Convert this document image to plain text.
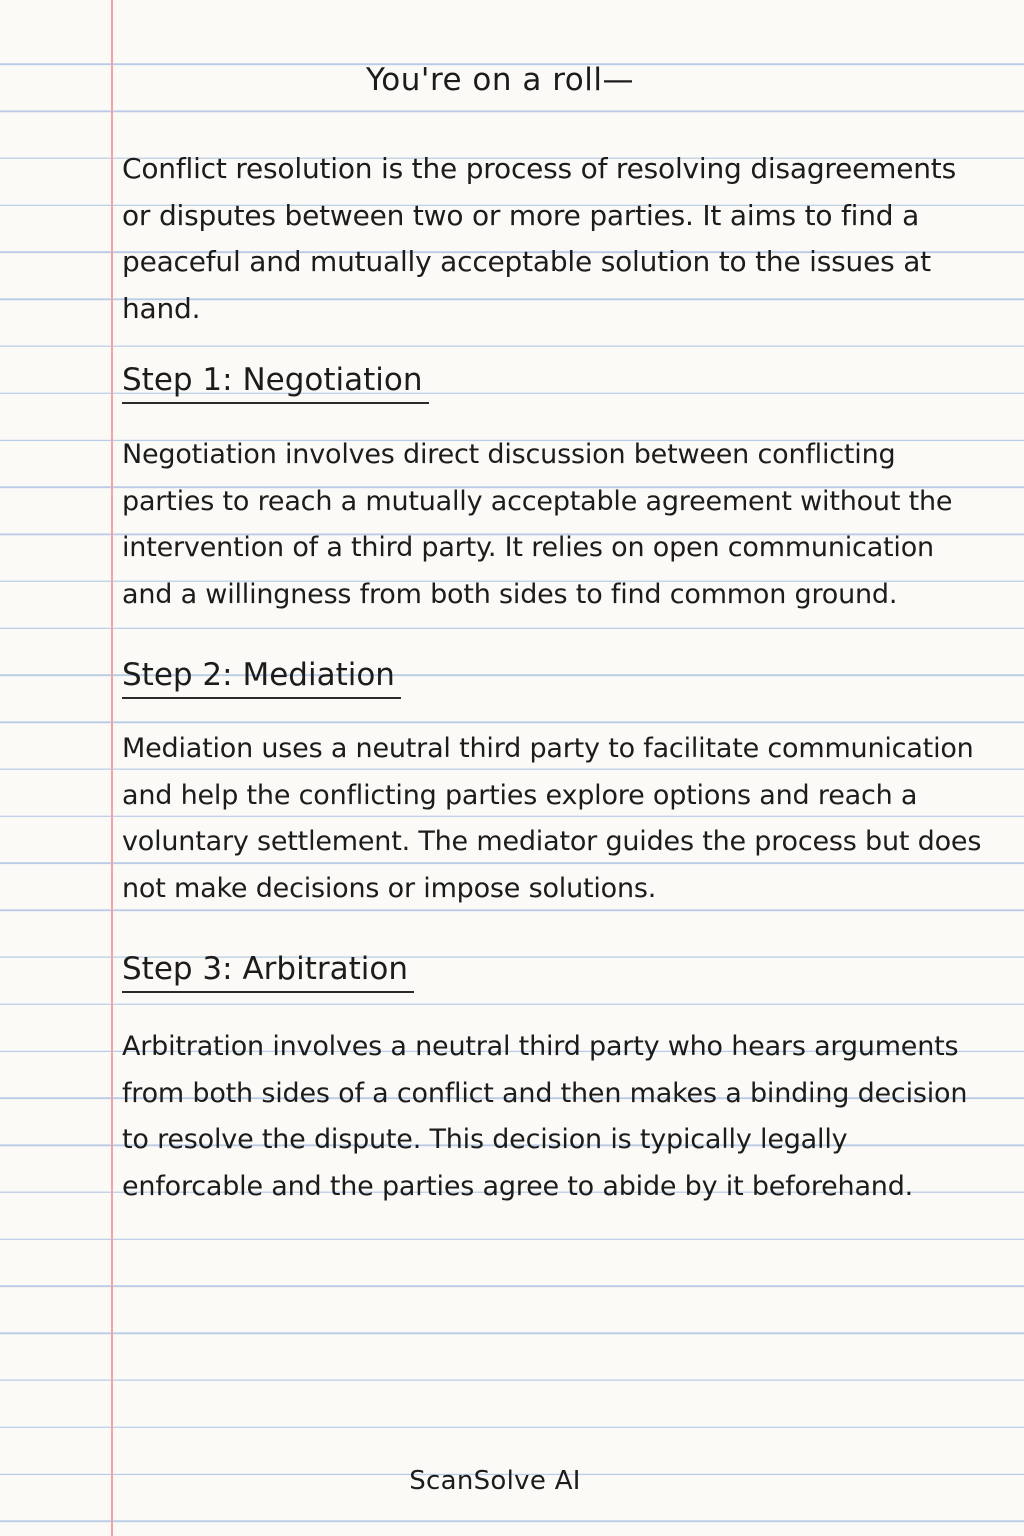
You're on a roll—
Conflict resolution is the process of resolving disagreements or disputes between two or more parties. It aims to find a peaceful and mutually acceptable solution to the issues at hand.
Step 1: Negotiation
Negotiation involves direct discussion between conflicting parties to reach a mutually acceptable agreement without the intervention of a third party. It relies on open communication and a willingness from both sides to find common ground.
Step 2: Mediation
Mediation uses a neutral third party to facilitate communication and help the conflicting parties explore options and reach a voluntary settlement. The mediator guides the process but does not make decisions or impose solutions.
Step 3: Arbitration
Arbitration involves a neutral third party who hears arguments from both sides of a conflict and then makes a binding decision to resolve the dispute. This decision is typically legally enforcable and the parties agree to abide by it beforehand.
ScanSolve AI
